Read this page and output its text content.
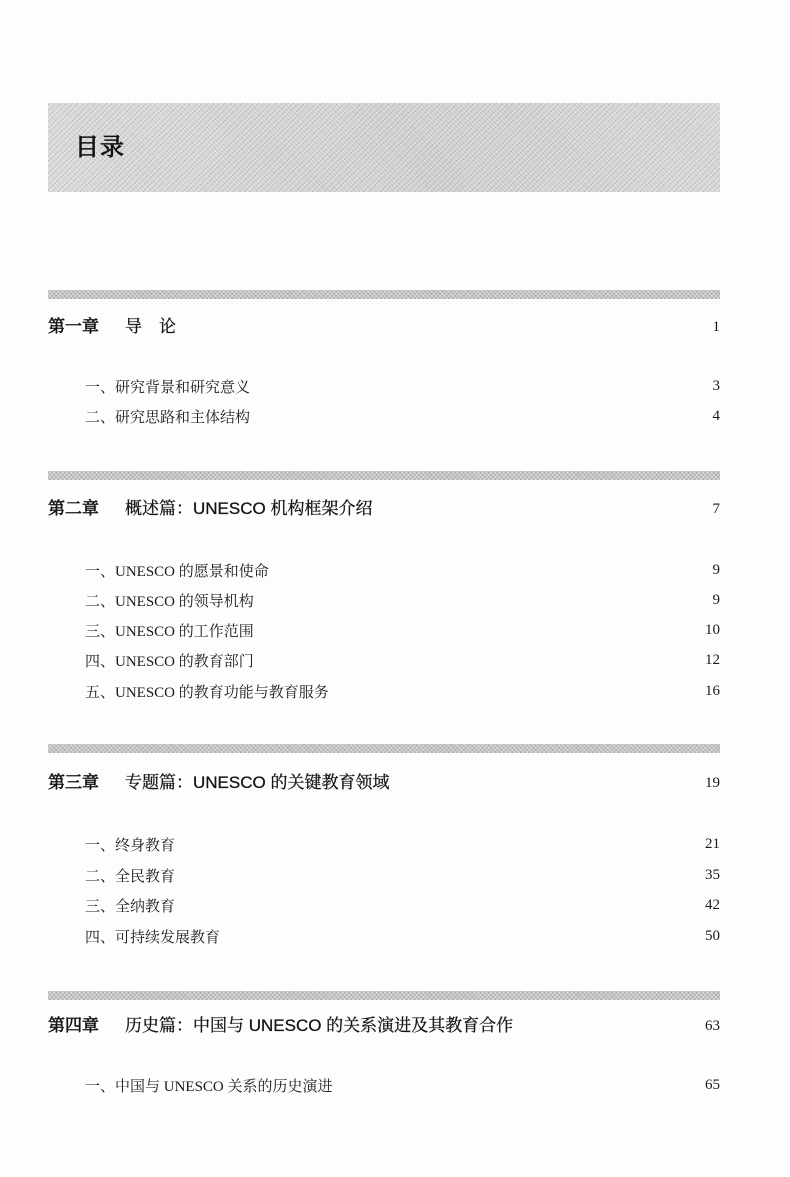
目录
第一章 导　论	1
一、研究背景和研究意义	3
二、研究思路和主体结构	4
第二章 概述篇：UNESCO 机构框架介绍	7
一、UNESCO 的愿景和使命	9
二、UNESCO 的领导机构	9
三、UNESCO 的工作范围	10
四、UNESCO 的教育部门	12
五、UNESCO 的教育功能与教育服务	16
第三章 专题篇：UNESCO 的关键教育领域	19
一、终身教育	21
二、全民教育	35
三、全纳教育	42
四、可持续发展教育	50
第四章 历史篇：中国与 UNESCO 的关系演进及其教育合作	63
一、中国与 UNESCO 关系的历史演进	65
